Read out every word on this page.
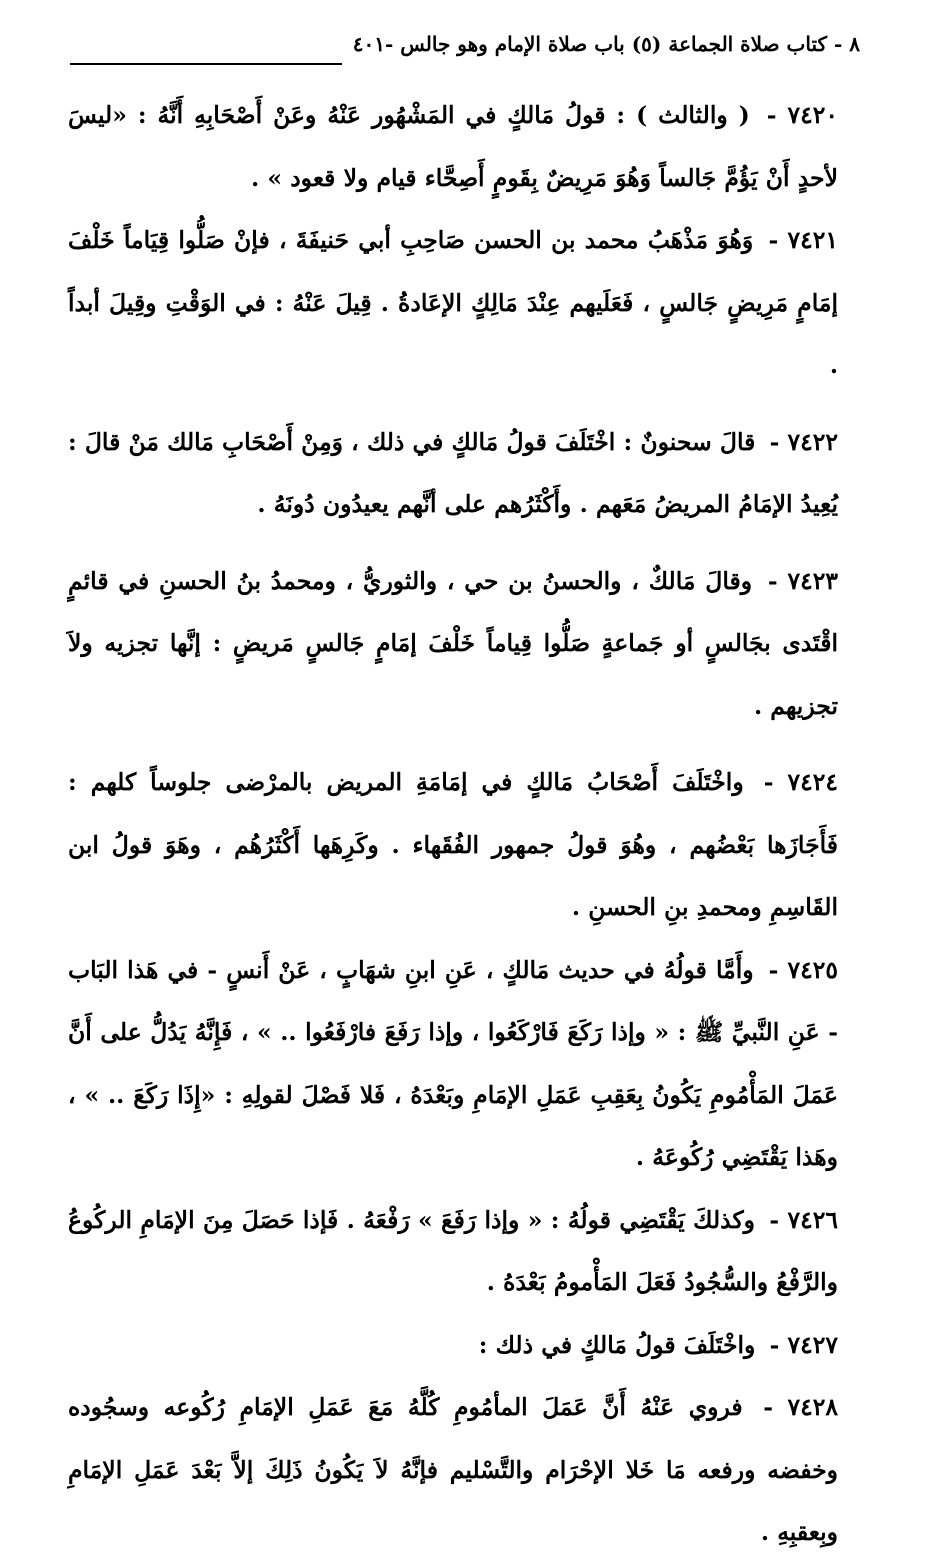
٨ - كتاب صلاة الجماعة (٥) باب صلاة الإمام وهو جالس -٤٠١

٧٤٢٠ - ( والثالث ) : قولُ مَالكٍ في المَشْهُور عَنْهُ وعَنْ أَصْحَابِهِ أَنَّهُ : «ليسَ لأحدٍ أَنْ يَؤُمَّ جَالساً وَهُوَ مَرِيضٌ بِقَومٍ أَصِحَّاء قيام ولا قعود » .

٧٤٢١ - وَهُوَ مَذْهَبُ محمد بن الحسن صَاحِبِ أبي حَنيفَةَ ، فإنْ صَلُّوا قِيَاماً خَلْفَ إمَامٍ مَرِيضٍ جَالسٍ ، فَعَلَيهم عِنْدَ مَالِكٍ الإعَادةُ . قِيلَ عَنْهُ : في الوَقْتِ وقِيلَ أبداً .

٧٤٢٢ - قالَ سحنونٌ : اخْتَلَفَ قولُ مَالكٍ في ذلك ، وَمِنْ أَصْحَابِ مَالك مَنْ قالَ : يُعِيدُ الإمَامُ المريضُ مَعَهم . وأَكْثَرُهم على أنَّهم يعيدُون دُونَهُ .

٧٤٢٣ - وقالَ مَالكٌ ، والحسنُ بن حي ، والثوريُّ ، ومحمدُ بنُ الحسنِ في قائمٍ اقْتَدى بجَالسٍ أو جَماعةٍ صَلُّوا قِياماً خَلْفَ إمَامٍ جَالسٍ مَريضٍ : إنَّها تجزيه ولاَ تجزيهم .

٧٤٢٤ - واخْتَلَفَ أَصْحَابُ مَالكٍ في إمَامَةِ المريض بالمرْضى جلوساً كلهم : فَأَجَازَها بَعْضُهم ، وهُوَ قولُ جمهور الفُقَهاء . وكَرِهَها أَكْثَرُهُم ، وهَوَ قولُ ابن القَاسِمِ ومحمدِ بنِ الحسنِ .

٧٤٢٥ - وأَمَّا قولُهُ في حديث مَالكٍ ، عَنِ ابنِ شهَابٍ ، عَنْ أَنسٍ - في هَذا البَاب - عَنِ النَّبيِّ ﷺ : « وإذا رَكَعَ فَارْكَعُوا ، وإذا رَفَعَ فارْفَعُوا .. » ، فَإِنَّهُ يَدُلُّ على أَنَّ عَمَلَ المَأْمُومِ يَكُونُ بِعَقِبِ عَمَلِ الإمَامِ وبَعْدَهُ ، فَلا فَصْلَ لقولِهِ : «إِذَا رَكَعَ .. » ، وهَذا يَقْتَضِي رُكُوعَهُ .

٧٤٢٦ - وكذلكَ يَقْتَضِي قولُهُ : « وإذا رَفَعَ » رَفْعَهُ . فَإذا حَصَلَ مِنَ الإمَامِ الركُوعُ والرَّفْعُ والسُّجُودُ فَعَلَ المَأْمومُ بَعْدَهُ .

٧٤٢٧ - واخْتَلَفَ قولُ مَالكٍ في ذلك :

٧٤٢٨ - فروي عَنْهُ أَنَّ عَمَلَ المأمُومِ كُلَّهُ مَعَ عَمَلِ الإمَامِ رُكُوعه وسجُوده وخفضه ورفعه مَا خَلا الإحْرَام والتَّسْليم فإنَّهُ لاَ يَكُونُ ذَلِكَ إلاَّ بَعْدَ عَمَلِ الإمَامِ وبِعقبِهِ .
